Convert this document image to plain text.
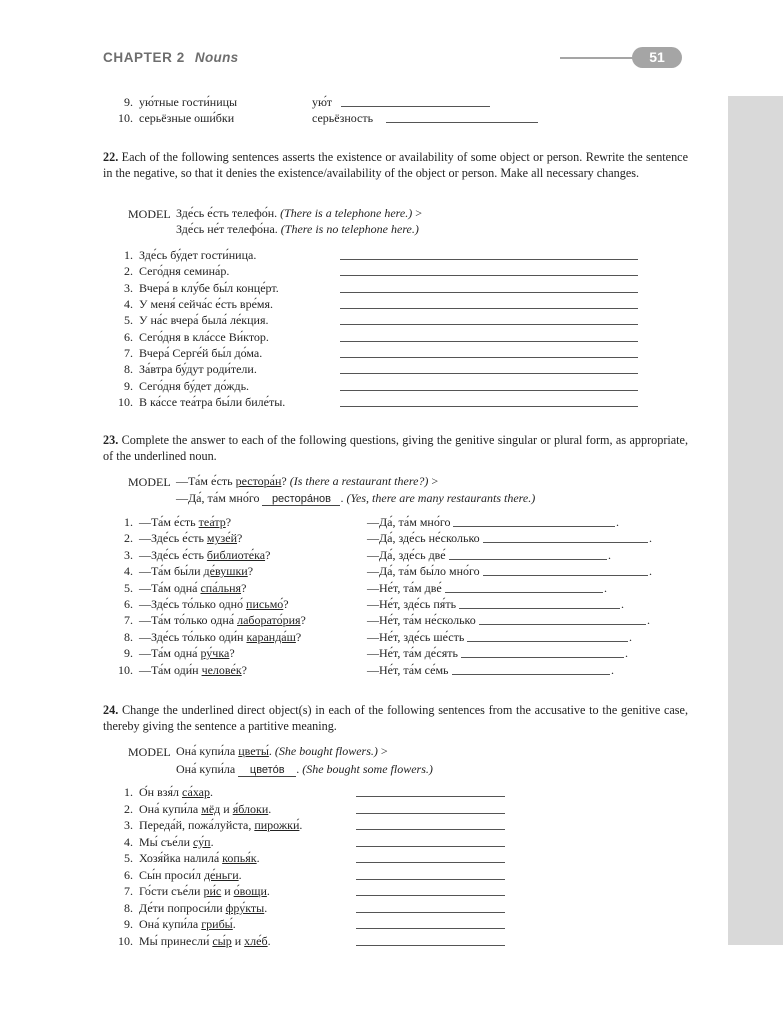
CHAPTER 2 Nouns	51
9. ую́тные гости́ницы	ую́т
10. серьёзные оши́бки	серьёзность
22. Each of the following sentences asserts the existence or availability of some object or person. Rewrite the sentence in the negative, so that it denies the existence/availability of the object or person. Make all necessary changes.
MODEL Зде́сь е́сть телефо́н. (There is a telephone here.) >
Зде́сь не́т телефо́на. (There is no telephone here.)
1. Зде́сь бу́дет гости́ница.
2. Сего́дня семина́р.
3. Вчера́ в клу́бе бы́л конце́рт.
4. У меня́ сейча́с е́сть вре́мя.
5. У на́с вчера́ была́ ле́кция.
6. Сего́дня в кла́ссе Ви́ктор.
7. Вчера́ Серге́й бы́л до́ма.
8. За́втра бу́дут роди́тели.
9. Сего́дня бу́дет до́ждь.
10. В ка́ссе теа́тра бы́ли биле́ты.
23. Complete the answer to each of the following questions, giving the genitive singular or plural form, as appropriate, of the underlined noun.
MODEL —Та́м е́сть рестора́н? (Is there a restaurant there?) >
—Да́, та́м мно́го рестора́нов . (Yes, there are many restaurants there.)
1. —Та́м е́сть теа́тр?	—Да́, та́м мно́го	.
2. —Зде́сь е́сть музе́й?	—Да́, зде́сь не́сколько	.
3. —Зде́сь е́сть библиоте́ка?	—Да́, зде́сь две́	.
4. —Та́м бы́ли де́вушки?	—Да́, та́м бы́ло мно́го	.
5. —Та́м одна́ спа́льня?	—Не́т, та́м две́	.
6. —Зде́сь то́лько одно́ письмо́?	—Не́т, зде́сь пя́ть	.
7. —Та́м то́лько одна́ лаборато́рия?	—Не́т, та́м не́сколько	.
8. —Зде́сь то́лько оди́н каранда́ш?	—Не́т, зде́сь ше́сть	.
9. —Та́м одна́ ру́чка?	—Не́т, та́м де́сять	.
10. —Та́м оди́н челове́к?	—Не́т, та́м се́мь	.
24. Change the underlined direct object(s) in each of the following sentences from the accusative to the genitive case, thereby giving the sentence a partitive meaning.
MODEL Она́ купи́ла цветы́. (She bought flowers.) >
Она́ купи́ла цвето́в . (She bought some flowers.)
1. О́н взя́л са́хар.
2. Она́ купи́ла мёд и я́блоки.
3. Переда́й, пожа́луйста, пирожки́.
4. Мы́ съе́ли су́п.
5. Хозя́йка налила́ копья́к.
6. Сы́н проси́л де́ньги.
7. Го́сти съе́ли ри́с и о́вощи.
8. Де́ти попроси́ли фру́кты.
9. Она́ купи́ла грибы́.
10. Мы́ принесли́ сы́р и хле́б.
